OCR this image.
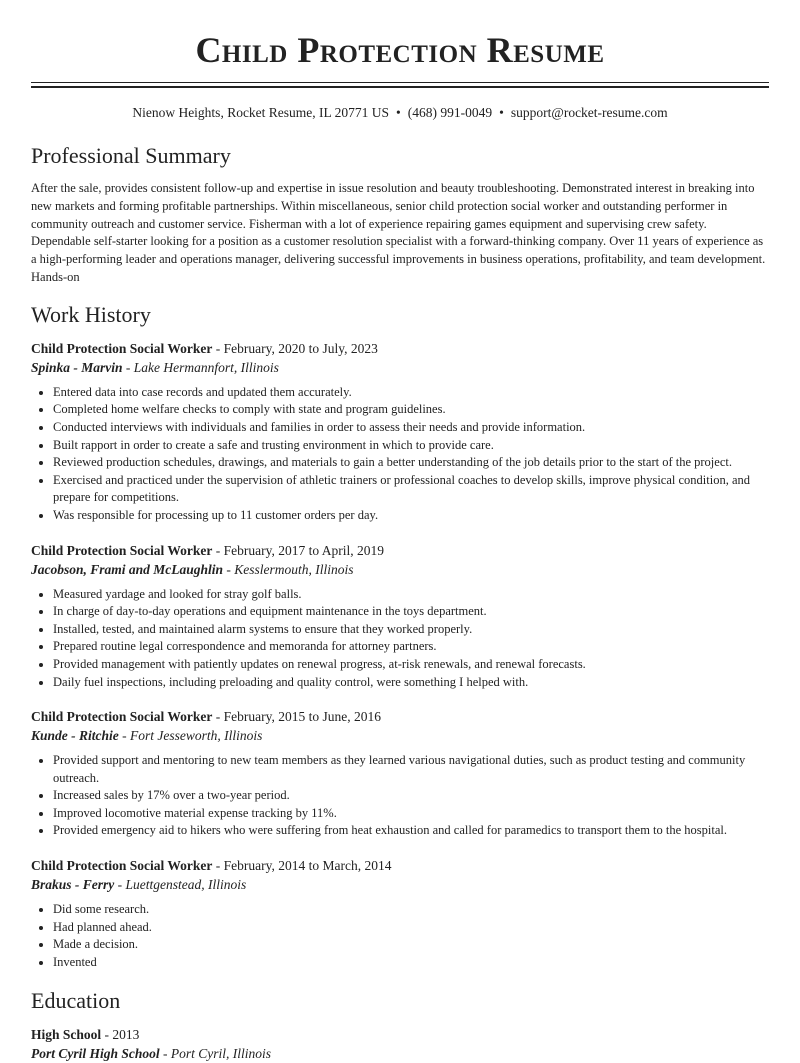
Child Protection Resume
Nienow Heights, Rocket Resume, IL 20771 US • (468) 991-0049 • support@rocket-resume.com
Professional Summary

After the sale, provides consistent follow-up and expertise in issue resolution and beauty troubleshooting. Demonstrated interest in breaking into new markets and forming profitable partnerships. Within miscellaneous, senior child protection social worker and outstanding performer in community outreach and customer service. Fisherman with a lot of experience repairing games equipment and supervising crew safety. Dependable self-starter looking for a position as a customer resolution specialist with a forward-thinking company. Over 11 years of experience as a high-performing leader and operations manager, delivering successful improvements in business operations, profitability, and team development. Hands-on

Work History

Child Protection Social Worker - February, 2020 to July, 2023

Spinka - Marvin - Lake Hermannfort, Illinois

• Entered data into case records and updated them accurately.
• Completed home welfare checks to comply with state and program guidelines.
• Conducted interviews with individuals and families in order to assess their needs and provide information.
• Built rapport in order to create a safe and trusting environment in which to provide care.
• Reviewed production schedules, drawings, and materials to gain a better understanding of the job details prior to the start of the project.
• Exercised and practiced under the supervision of athletic trainers or professional coaches to develop skills, improve physical condition, and prepare for competitions.
• Was responsible for processing up to 11 customer orders per day.

Child Protection Social Worker - February, 2017 to April, 2019

Jacobson, Frami and McLaughlin - Kesslermouth, Illinois

• Measured yardage and looked for stray golf balls.
• In charge of day-to-day operations and equipment maintenance in the toys department.
• Installed, tested, and maintained alarm systems to ensure that they worked properly.
• Prepared routine legal correspondence and memoranda for attorney partners.
• Provided management with patiently updates on renewal progress, at-risk renewals, and renewal forecasts.
• Daily fuel inspections, including preloading and quality control, were something I helped with.

Child Protection Social Worker - February, 2015 to June, 2016

Kunde - Ritchie - Fort Jesseworth, Illinois

• Provided support and mentoring to new team members as they learned various navigational duties, such as product testing and community outreach.
• Increased sales by 17% over a two-year period.
• Improved locomotive material expense tracking by 11%.
• Provided emergency aid to hikers who were suffering from heat exhaustion and called for paramedics to transport them to the hospital.

Child Protection Social Worker - February, 2014 to March, 2014

Brakus - Ferry - Luettgenstead, Illinois

• Did some research.
• Had planned ahead.
• Made a decision.
• Invented
Education

High School - 2013

Port Cyril High School - Port Cyril, Illinois
